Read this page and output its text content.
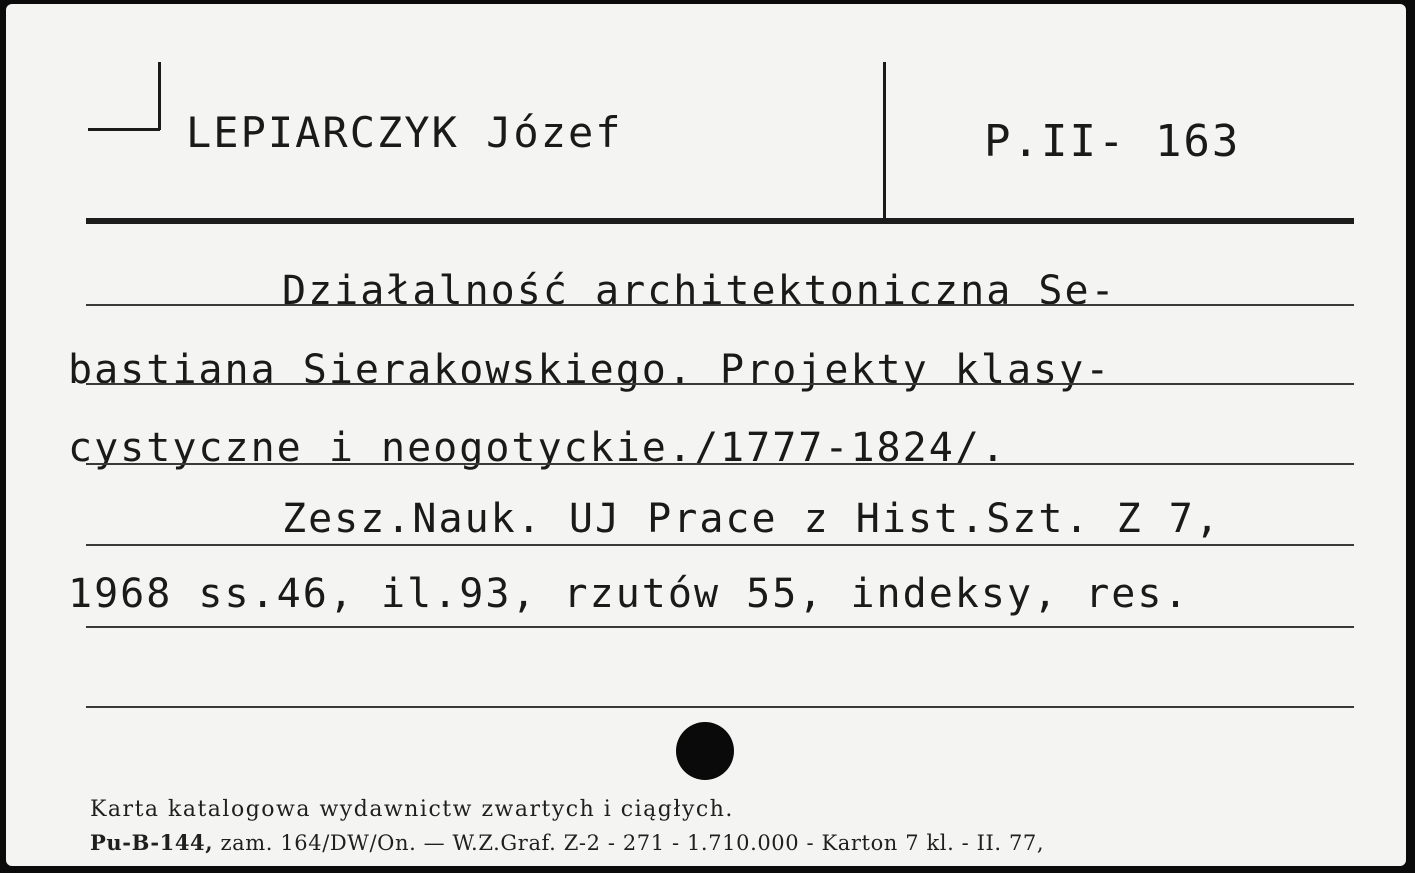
LEPIARCZYK Józef	P.II- 163
Działalność architektoniczna Se-
bastiana Sierakowskiego. Projekty klasy-
cystyczne i neogotyckie./1777-1824/.
Zesz.Nauk. UJ Prace z Hist.Szt. Z 7,
1968 ss.46, il.93, rzutów 55, indeksy, res.
Karta katalogowa wydawnictw zwartych i ciągłych.
Pu-B-144, zam. 164/DW/On. — W.Z.Graf. Z-2 - 271 - 1.710.000 - Karton 7 kl. - II. 77,
